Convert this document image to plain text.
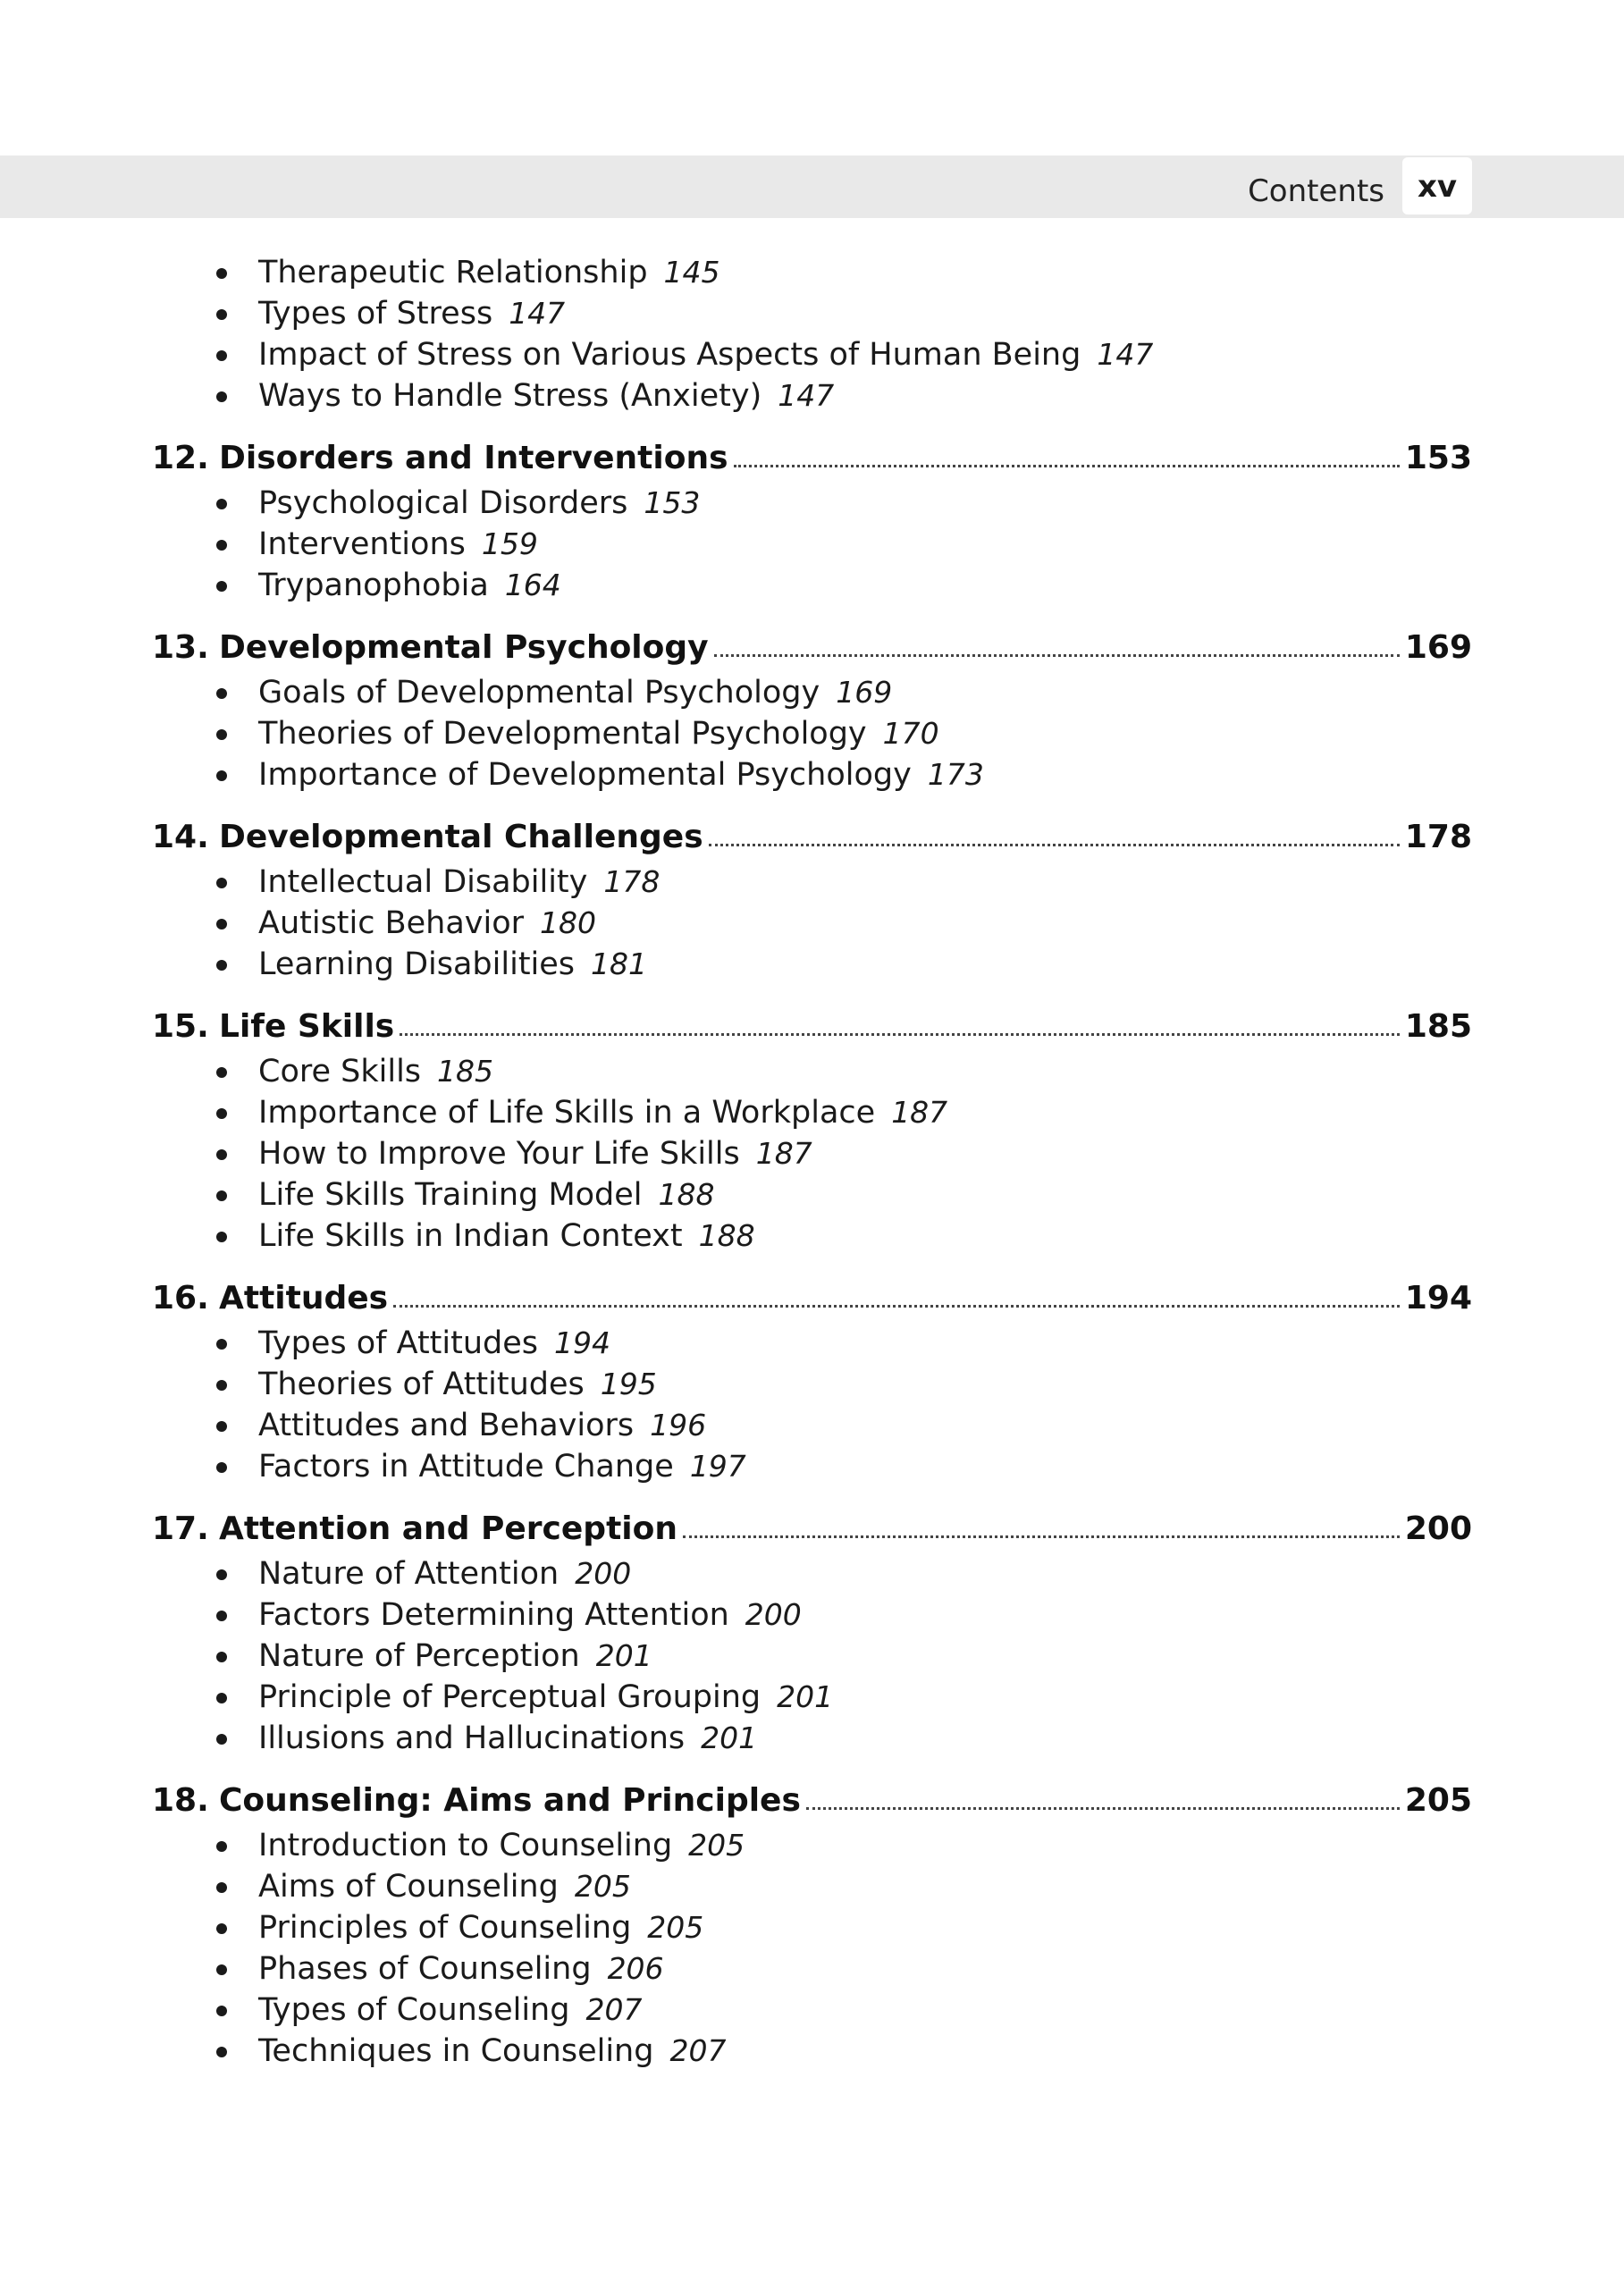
Contents	xv
Therapeutic Relationship 145
Types of Stress 147
Impact of Stress on Various Aspects of Human Being 147
Ways to Handle Stress (Anxiety) 147
12. Disorders and Interventions	153
Psychological Disorders 153
Interventions 159
Trypanophobia 164
13. Developmental Psychology	169
Goals of Developmental Psychology 169
Theories of Developmental Psychology 170
Importance of Developmental Psychology 173
14. Developmental Challenges	178
Intellectual Disability 178
Autistic Behavior 180
Learning Disabilities 181
15. Life Skills	185
Core Skills 185
Importance of Life Skills in a Workplace 187
How to Improve Your Life Skills 187
Life Skills Training Model 188
Life Skills in Indian Context 188
16. Attitudes	194
Types of Attitudes 194
Theories of Attitudes 195
Attitudes and Behaviors 196
Factors in Attitude Change 197
17. Attention and Perception	200
Nature of Attention 200
Factors Determining Attention 200
Nature of Perception 201
Principle of Perceptual Grouping 201
Illusions and Hallucinations 201
18. Counseling: Aims and Principles	205
Introduction to Counseling 205
Aims of Counseling 205
Principles of Counseling 205
Phases of Counseling 206
Types of Counseling 207
Techniques in Counseling 207
